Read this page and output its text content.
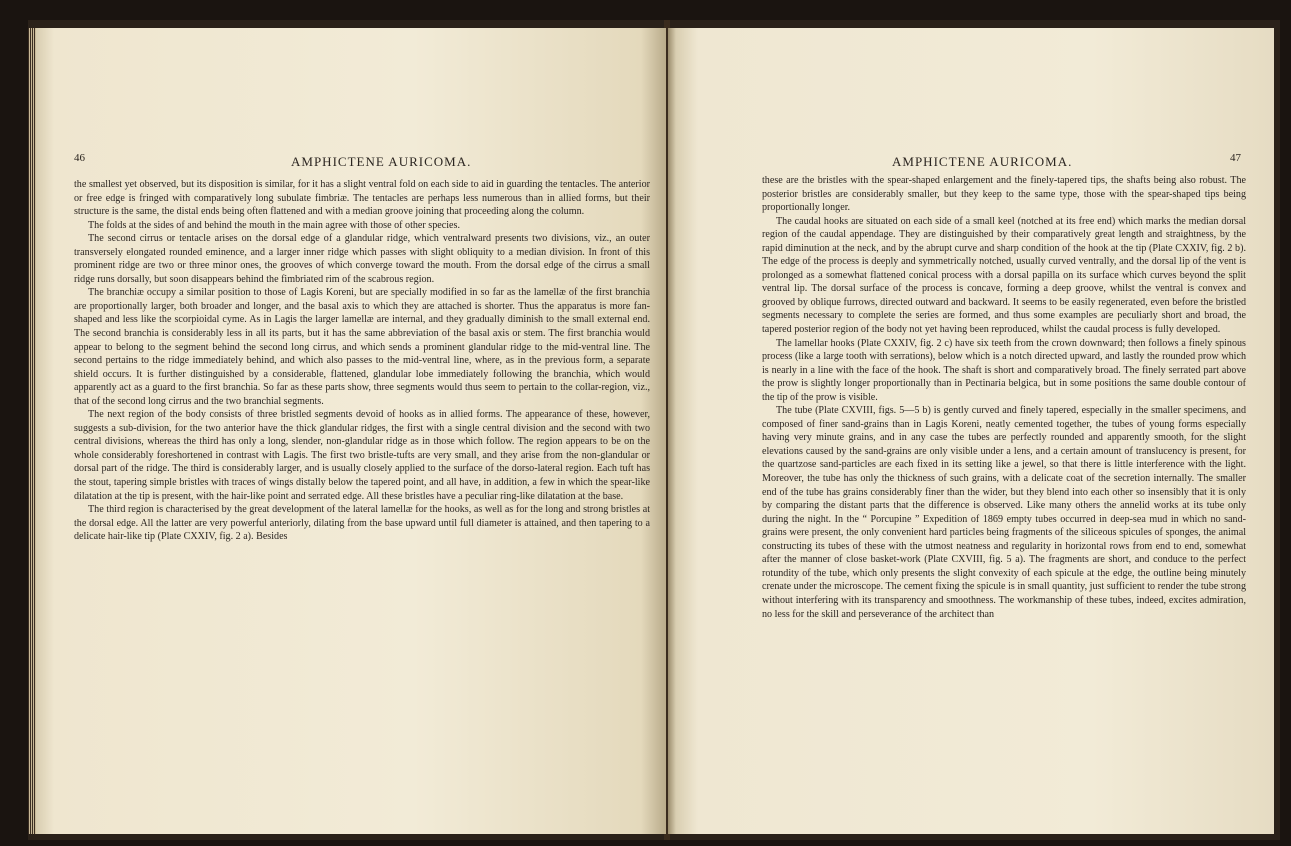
46	AMPHICTENE AURICOMA.

the smallest yet observed, but its disposition is similar, for it has a slight ventral fold on each side to aid in guarding the tentacles. The anterior or free edge is fringed with comparatively long subulate fimbriæ. The tentacles are perhaps less numerous than in allied forms, but their structure is the same, the distal ends being often flattened and with a median groove joining that proceeding along the column.

The folds at the sides of and behind the mouth in the main agree with those of other species.

The second cirrus or tentacle arises on the dorsal edge of a glandular ridge, which ventralward presents two divisions, viz., an outer transversely elongated rounded eminence, and a larger inner ridge which passes with slight obliquity to a median division. In front of this prominent ridge are two or three minor ones, the grooves of which converge toward the mouth. From the dorsal edge of the cirrus a small ridge runs dorsally, but soon disappears behind the fimbriated rim of the scabrous region.

The branchiæ occupy a similar position to those of Lagis Koreni, but are specially modified in so far as the lamellæ of the first branchia are proportionally larger, both broader and longer, and the basal axis to which they are attached is shorter. Thus the apparatus is more fan-shaped and less like the scorpioidal cyme. As in Lagis the larger lamellæ are internal, and they gradually diminish to the small external end. The second branchia is considerably less in all its parts, but it has the same abbreviation of the basal axis or stem. The first branchia would appear to belong to the segment behind the second long cirrus, and which sends a prominent glandular ridge to the mid-ventral line. The second pertains to the ridge immediately behind, and which also passes to the mid-ventral line, where, as in the previous form, a separate shield occurs. It is further distinguished by a considerable, flattened, glandular lobe immediately following the branchia, which would apparently act as a guard to the first branchia. So far as these parts show, three segments would thus seem to pertain to the collar-region, viz., that of the second long cirrus and the two branchial segments.

The next region of the body consists of three bristled segments devoid of hooks as in allied forms. The appearance of these, however, suggests a sub-division, for the two anterior have the thick glandular ridges, the first with a single central division and the second with two central divisions, whereas the third has only a long, slender, non-glandular ridge as in those which follow. The region appears to be on the whole considerably foreshortened in contrast with Lagis. The first two bristle-tufts are very small, and they arise from the non-glandular or dorsal part of the ridge. The third is considerably larger, and is usually closely applied to the surface of the dorso-lateral region. Each tuft has the stout, tapering simple bristles with traces of wings distally below the tapered point, and all have, in addition, a few in which the spear-like dilatation at the tip is present, with the hair-like point and serrated edge. All these bristles have a peculiar ring-like dilatation at the base.

The third region is characterised by the great development of the lateral lamellæ for the hooks, as well as for the long and strong bristles at the dorsal edge. All the latter are very powerful anteriorly, dilating from the base upward until full diameter is attained, and then tapering to a delicate hair-like tip (Plate CXXIV, fig. 2 a). Besides

AMPHICTENE AURICOMA.	47

these are the bristles with the spear-shaped enlargement and the finely-tapered tips, the shafts being also robust. The posterior bristles are considerably smaller, but they keep to the same type, those with the spear-shaped tips being proportionally longer.

The caudal hooks are situated on each side of a small keel (notched at its free end) which marks the median dorsal region of the caudal appendage. They are distinguished by their comparatively great length and straightness, by the rapid diminution at the neck, and by the abrupt curve and sharp condition of the hook at the tip (Plate CXXIV, fig. 2 b). The edge of the process is deeply and symmetrically notched, usually curved ventrally, and the dorsal lip of the vent is prolonged as a somewhat flattened conical process with a dorsal papilla on its surface which curves beyond the split ventral lip. The dorsal surface of the process is concave, forming a deep groove, whilst the ventral is convex and grooved by oblique furrows, directed outward and backward. It seems to be easily regenerated, even before the bristled segments necessary to complete the series are formed, and thus some examples are peculiarly short and broad, the tapered posterior region of the body not yet having been reproduced, whilst the caudal process is fully developed.

The lamellar hooks (Plate CXXIV, fig. 2 c) have six teeth from the crown downward; then follows a finely spinous process (like a large tooth with serrations), below which is a notch directed upward, and lastly the rounded prow which is nearly in a line with the face of the hook. The shaft is short and comparatively broad. The finely serrated part above the prow is slightly longer proportionally than in Pectinaria belgica, but in some positions the same double contour of the tip of the prow is visible.

The tube (Plate CXVIII, figs. 5—5 b) is gently curved and finely tapered, especially in the smaller specimens, and composed of finer sand-grains than in Lagis Koreni, neatly cemented together, the tubes of young forms especially having very minute grains, and in any case the tubes are perfectly rounded and apparently smooth, for the slight elevations caused by the sand-grains are only visible under a lens, and a certain amount of translucency is present, for the quartzose sand-particles are each fixed in its setting like a jewel, so that there is little interference with the light. Moreover, the tube has only the thickness of such grains, with a delicate coat of the secretion internally. The smaller end of the tube has grains considerably finer than the wider, but they blend into each other so insensibly that it is only by comparing the distant parts that the difference is observed. Like many others the annelid works at its tube only during the night. In the “ Porcupine ” Expedition of 1869 empty tubes occurred in deep-sea mud in which no sand-grains were present, the only convenient hard particles being fragments of the siliceous spicules of sponges, the animal constructing its tubes of these with the utmost neatness and regularity in horizontal rows from end to end, somewhat after the manner of close basket-work (Plate CXVIII, fig. 5 a). The fragments are short, and conduce to the perfect rotundity of the tube, which only presents the slight convexity of each spicule at the edge, the outline being minutely crenate under the microscope. The cement fixing the spicule is in small quantity, just sufficient to render the tube strong without interfering with its transparency and smoothness. The workmanship of these tubes, indeed, excites admiration, no less for the skill and perseverance of the architect than
